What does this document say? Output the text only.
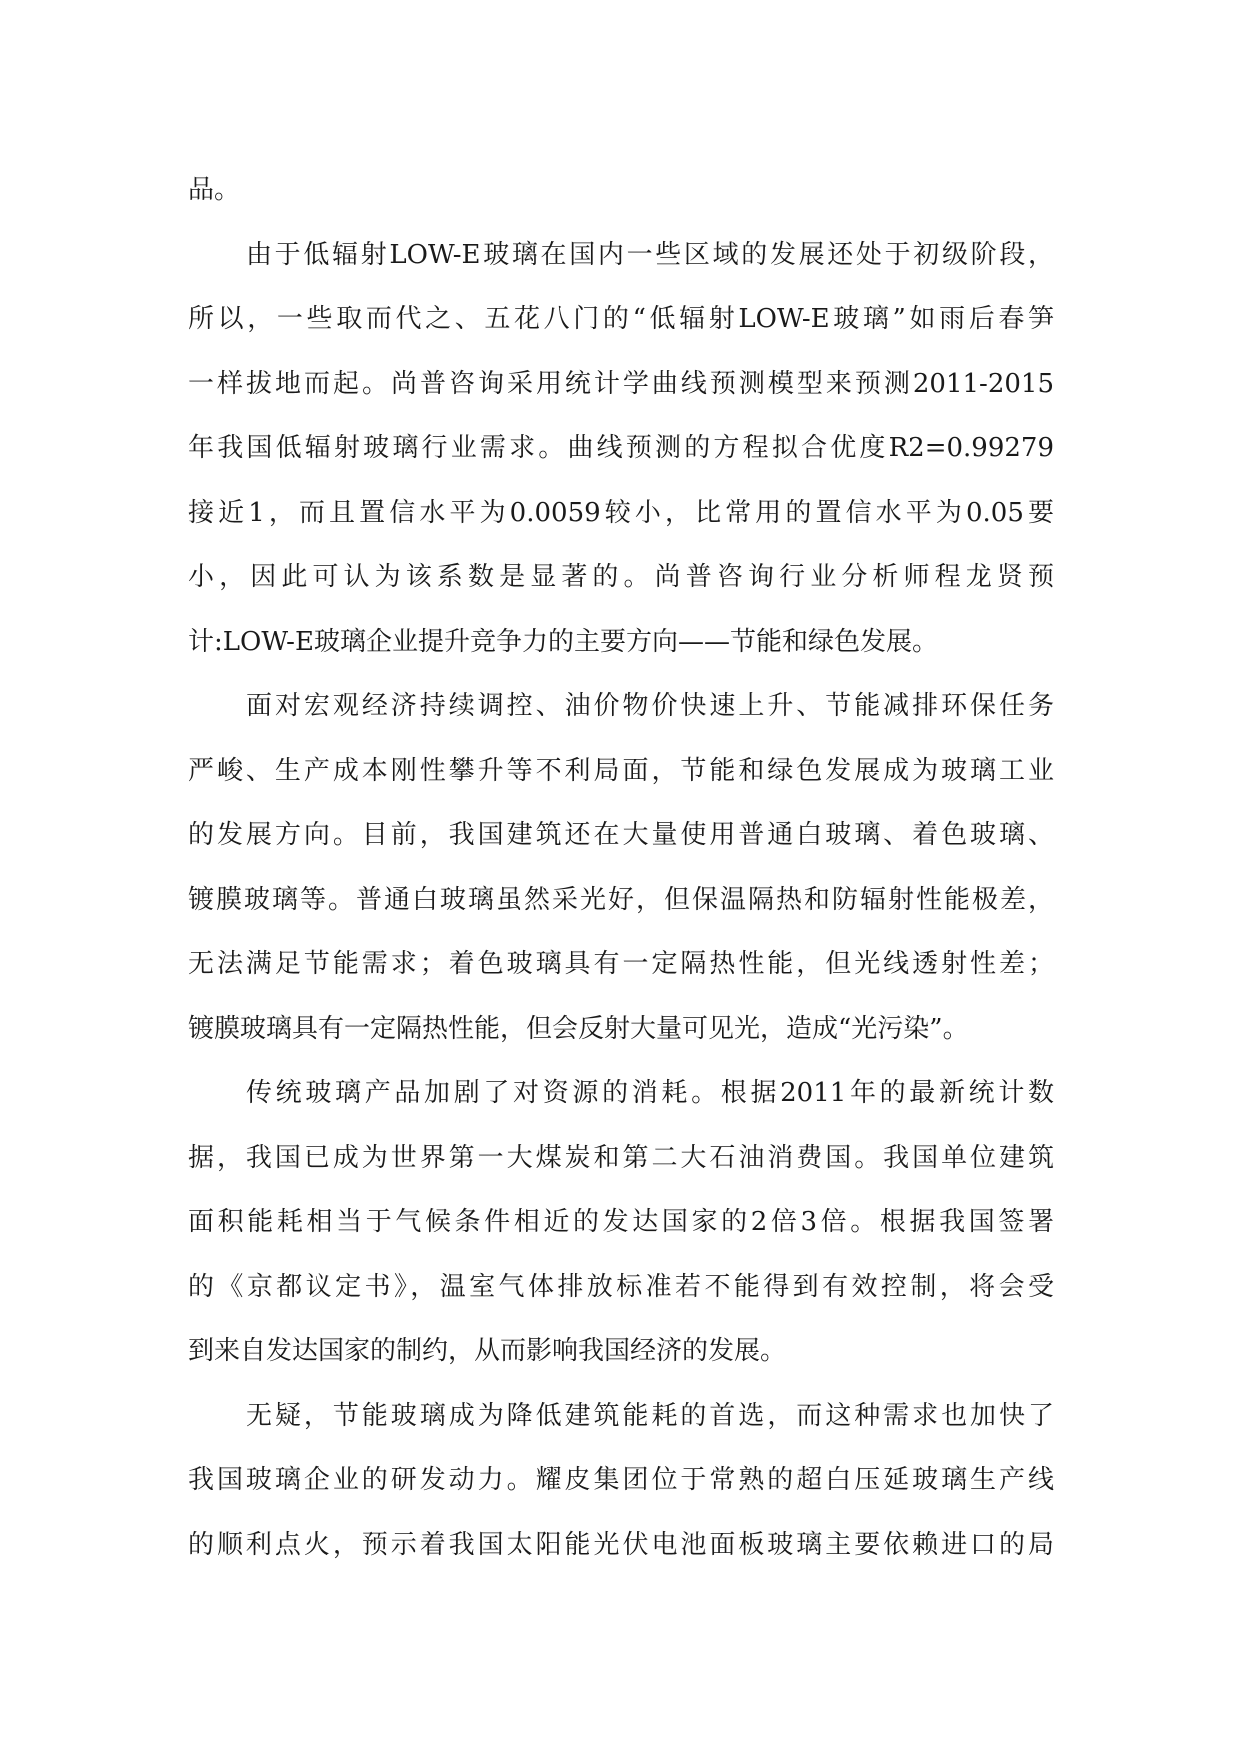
品。
由于低辐射LOW-E玻璃在国内一些区域的发展还处于初级阶段，
所以，一些取而代之、五花八门的“低辐射LOW-E玻璃”如雨后春笋
一样拔地而起。尚普咨询采用统计学曲线预测模型来预测2011-2015
年我国低辐射玻璃行业需求。曲线预测的方程拟合优度R2=0.99279
接近1，而且置信水平为0.0059较小，比常用的置信水平为0.05要
小，因此可认为该系数是显著的。尚普咨询行业分析师程龙贤预
计:LOW-E玻璃企业提升竞争力的主要方向——节能和绿色发展。
面对宏观经济持续调控、油价物价快速上升、节能减排环保任务
严峻、生产成本刚性攀升等不利局面，节能和绿色发展成为玻璃工业
的发展方向。目前，我国建筑还在大量使用普通白玻璃、着色玻璃、
镀膜玻璃等。普通白玻璃虽然采光好，但保温隔热和防辐射性能极差，
无法满足节能需求；着色玻璃具有一定隔热性能，但光线透射性差；
镀膜玻璃具有一定隔热性能，但会反射大量可见光，造成“光污染”。
传统玻璃产品加剧了对资源的消耗。根据2011年的最新统计数
据，我国已成为世界第一大煤炭和第二大石油消费国。我国单位建筑
面积能耗相当于气候条件相近的发达国家的2倍3倍。根据我国签署
的《京都议定书》，温室气体排放标准若不能得到有效控制，将会受
到来自发达国家的制约，从而影响我国经济的发展。
无疑，节能玻璃成为降低建筑能耗的首选，而这种需求也加快了
我国玻璃企业的研发动力。耀皮集团位于常熟的超白压延玻璃生产线
的顺利点火，预示着我国太阳能光伏电池面板玻璃主要依赖进口的局
